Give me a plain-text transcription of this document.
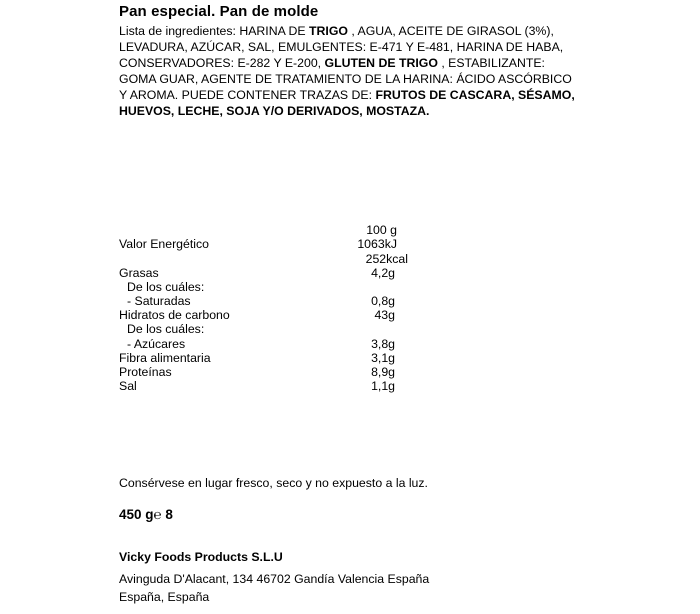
Pan especial. Pan de molde
Lista de ingredientes: HARINA DE TRIGO , AGUA, ACEITE DE GIRASOL (3%), LEVADURA, AZÚCAR, SAL, EMULGENTES: E-471 Y E-481, HARINA DE HABA, CONSERVADORES: E-282 Y E-200, GLUTEN DE TRIGO , ESTABILIZANTE: GOMA GUAR, AGENTE DE TRATAMIENTO DE LA HARINA: ÁCIDO ASCÓRBICO Y AROMA. PUEDE CONTENER TRAZAS DE: FRUTOS DE CASCARA, SÉSAMO, HUEVOS, LECHE, SOJA Y/O DERIVADOS, MOSTAZA.
100 g
Valor Energético	1063kJ
252kcal
Grasas	4,2g
De los cuáles:
- Saturadas	0,8g
Hidratos de carbono	43g
De los cuáles:
- Azúcares	3,8g
Fibra alimentaria	3,1g
Proteínas	8,9g
Sal	1,1g
Consérvese en lugar fresco, seco y no expuesto a la luz.
450 g℮ 8
Vicky Foods Products S.L.U
Avinguda D'Alacant, 134 46702 Gandía Valencia España
España, España
